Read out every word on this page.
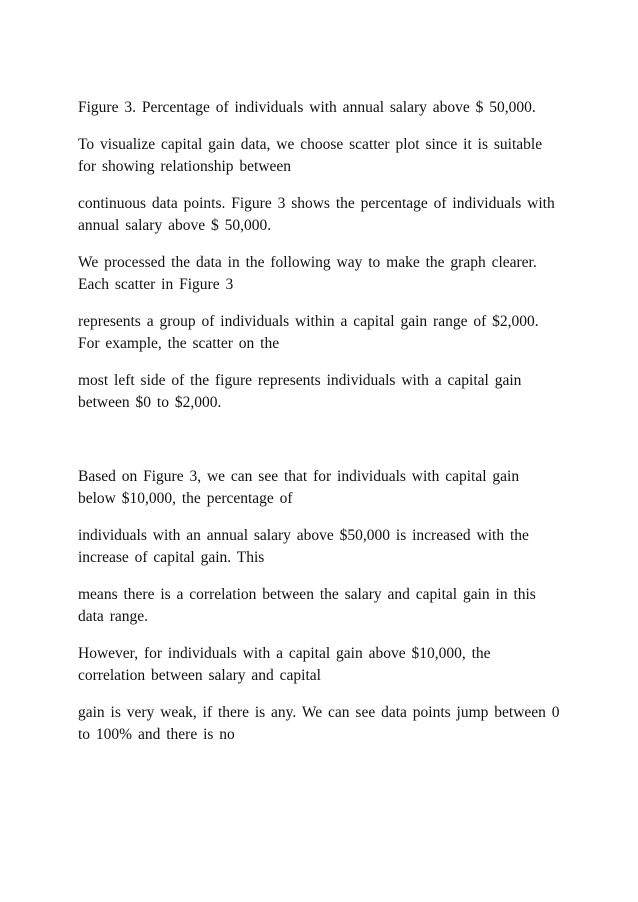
Figure 3. Percentage of individuals with annual salary above $ 50,000.

To visualize capital gain data, we choose scatter plot since it is suitable for showing relationship between

continuous data points. Figure 3 shows the percentage of individuals with annual salary above $ 50,000.

We processed the data in the following way to make the graph clearer. Each scatter in Figure 3

represents a group of individuals within a capital gain range of $2,000. For example, the scatter on the

most left side of the figure represents individuals with a capital gain between $0 to $2,000.

Based on Figure 3, we can see that for individuals with capital gain below $10,000, the percentage of

individuals with an annual salary above $50,000 is increased with the increase of capital gain. This

means there is a correlation between the salary and capital gain in this data range.

However, for individuals with a capital gain above $10,000, the correlation between salary and capital

gain is very weak, if there is any. We can see data points jump between 0 to 100% and there is no
